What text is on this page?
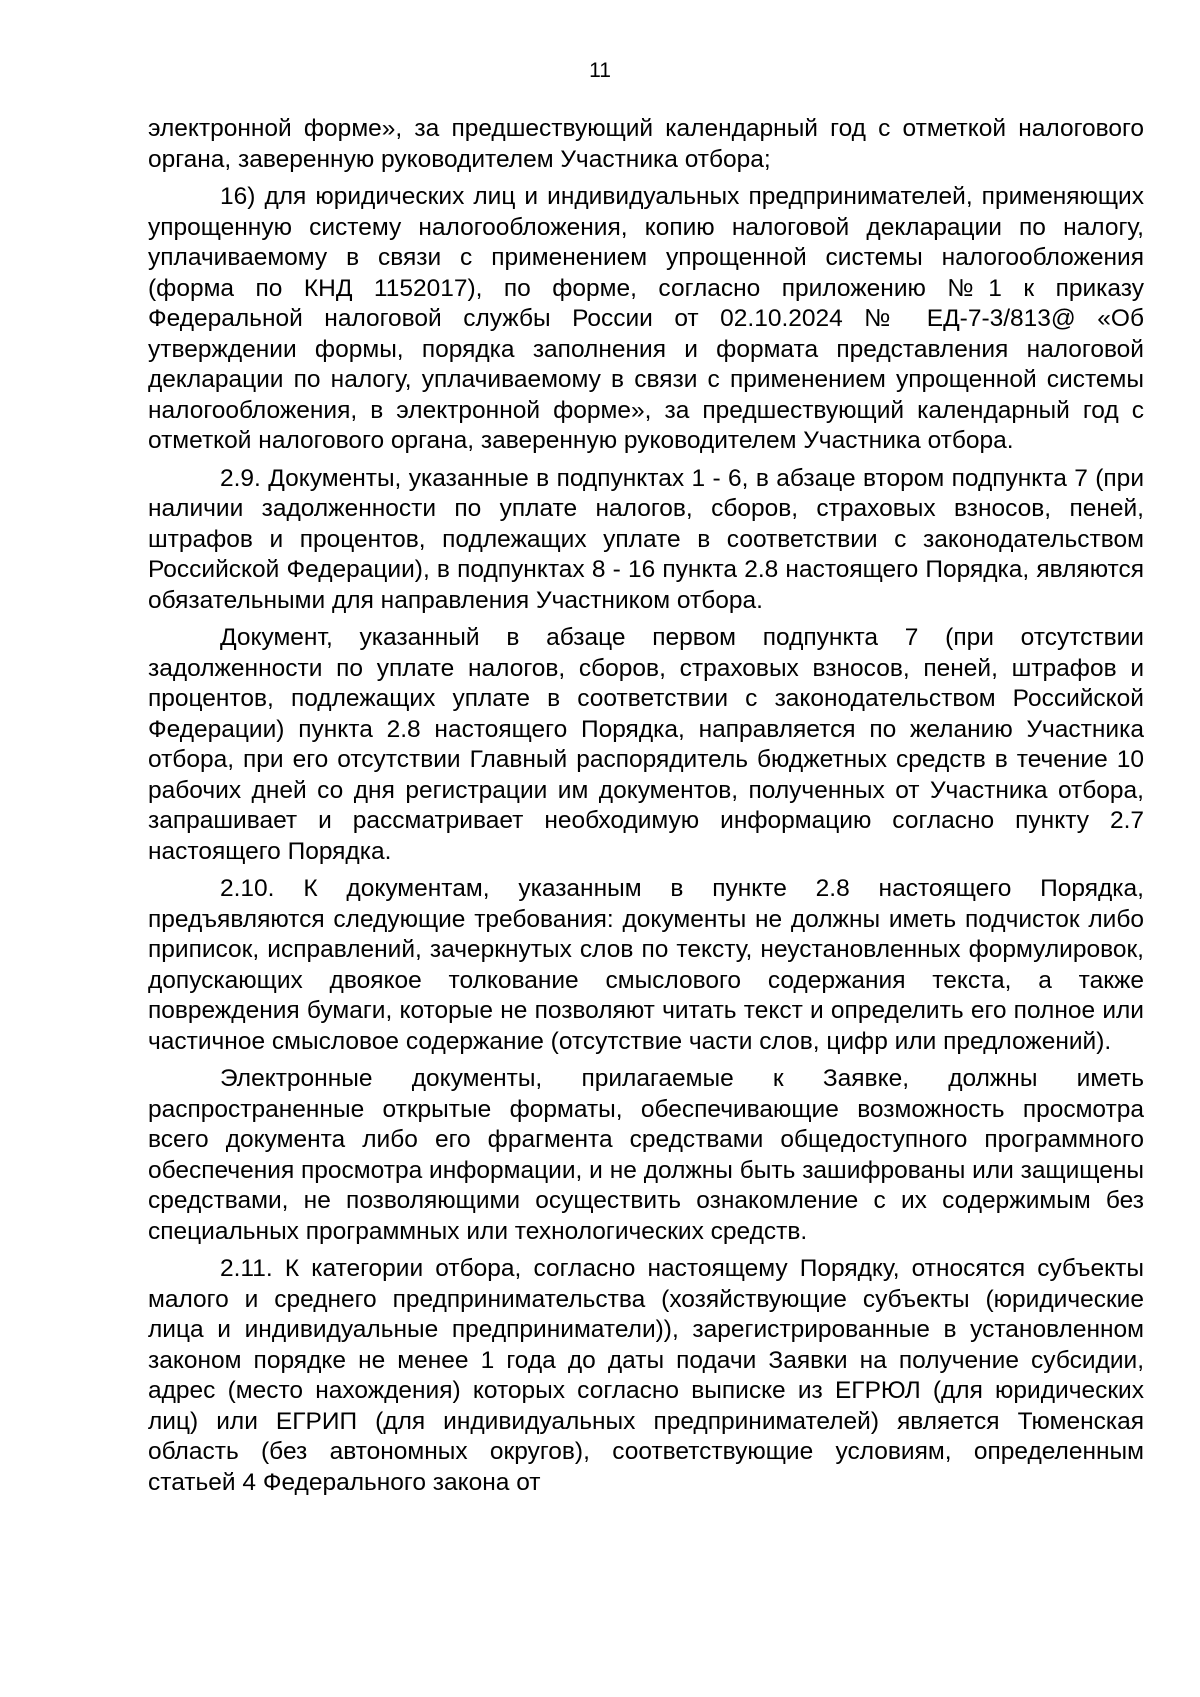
11

электронной форме», за предшествующий календарный год с отметкой налогового органа, заверенную руководителем Участника отбора;

16) для юридических лиц и индивидуальных предпринимателей, применяющих упрощенную систему налогообложения, копию налоговой декларации по налогу, уплачиваемому в связи с применением упрощенной системы налогообложения (форма по КНД 1152017), по форме, согласно приложению №1 к приказу Федеральной налоговой службы России от 02.10.2024 № ЕД-7-3/813@ «Об утверждении формы, порядка заполнения и формата представления налоговой декларации по налогу, уплачиваемому в связи с применением упрощенной системы налогообложения, в электронной форме», за предшествующий календарный год с отметкой налогового органа, заверенную руководителем Участника отбора.

2.9. Документы, указанные в подпунктах 1 - 6, в абзаце втором подпункта 7 (при наличии задолженности по уплате налогов, сборов, страховых взносов, пеней, штрафов и процентов, подлежащих уплате в соответствии с законодательством Российской Федерации), в подпунктах 8 - 16 пункта 2.8 настоящего Порядка, являются обязательными для направления Участником отбора.

Документ, указанный в абзаце первом подпункта 7 (при отсутствии задолженности по уплате налогов, сборов, страховых взносов, пеней, штрафов и процентов, подлежащих уплате в соответствии с законодательством Российской Федерации) пункта 2.8 настоящего Порядка, направляется по желанию Участника отбора, при его отсутствии Главный распорядитель бюджетных средств в течение 10 рабочих дней со дня регистрации им документов, полученных от Участника отбора, запрашивает и рассматривает необходимую информацию согласно пункту 2.7 настоящего Порядка.

2.10. К документам, указанным в пункте 2.8 настоящего Порядка, предъявляются следующие требования: документы не должны иметь подчисток либо приписок, исправлений, зачеркнутых слов по тексту, неустановленных формулировок, допускающих двоякое толкование смыслового содержания текста, а также повреждения бумаги, которые не позволяют читать текст и определить его полное или частичное смысловое содержание (отсутствие части слов, цифр или предложений).

Электронные документы, прилагаемые к Заявке, должны иметь распространенные открытые форматы, обеспечивающие возможность просмотра всего документа либо его фрагмента средствами общедоступного программного обеспечения просмотра информации, и не должны быть зашифрованы или защищены средствами, не позволяющими осуществить ознакомление с их содержимым без специальных программных или технологических средств.

2.11. К категории отбора, согласно настоящему Порядку, относятся субъекты малого и среднего предпринимательства (хозяйствующие субъекты (юридические лица и индивидуальные предприниматели)), зарегистрированные в установленном законом порядке не менее 1 года до даты подачи Заявки на получение субсидии, адрес (место нахождения) которых согласно выписке из ЕГРЮЛ (для юридических лиц) или ЕГРИП (для индивидуальных предпринимателей) является Тюменская область (без автономных округов), соответствующие условиям, определенным статьей 4 Федерального закона от
